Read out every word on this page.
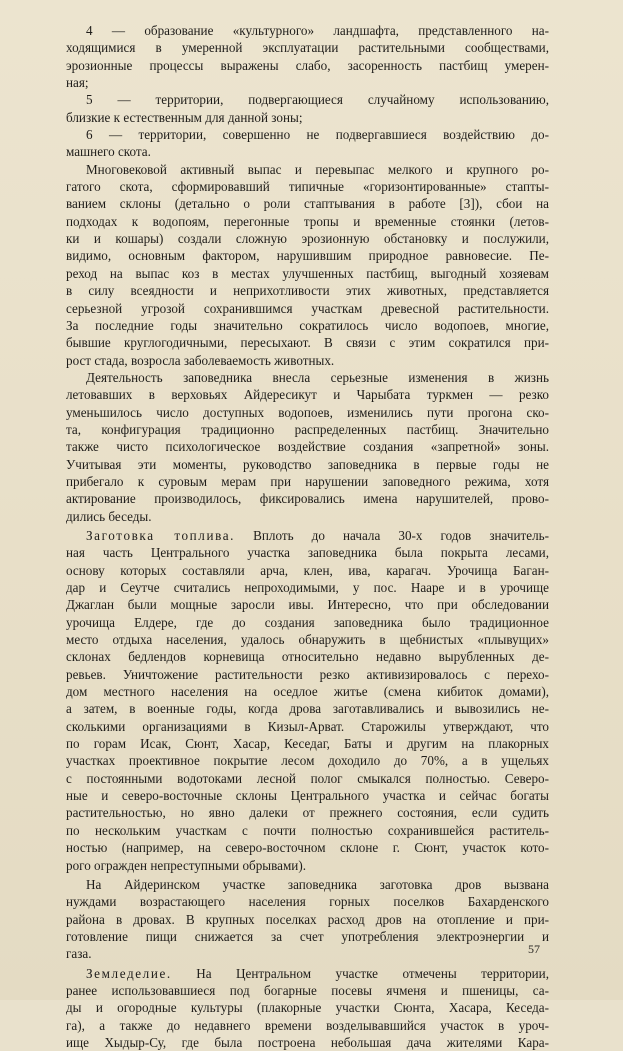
4 — образование «культурного» ландшафта, представленного на-
ходящимися в умеренной эксплуатации растительными сообществами,
эрозионные процессы выражены слабо, засоренность пастбищ умерен-
ная;
5 — территории, подвергающиеся случайному использованию,
близкие к естественным для данной зоны;
6 — территории, совершенно не подвергавшиеся воздействию до-
машнего скота.
Многовековой активный выпас и перевыпас мелкого и крупного ро-
гатого скота, сформировавший типичные «горизонтированные» стапты-
ванием склоны (детально о роли стаптывания в работе [3]), сбои на
подходах к водопоям, перегонные тропы и временные стоянки (летов-
ки и кошары) создали сложную эрозионную обстановку и послужили,
видимо, основным фактором, нарушившим природное равновесие. Пе-
реход на выпас коз в местах улучшенных пастбищ, выгодный хозяевам
в силу всеядности и неприхотливости этих животных, представляется
серьезной угрозой сохранившимся участкам древесной растительности.
За последние годы значительно сократилось число водопоев, многие,
бывшие круглогодичными, пересыхают. В связи с этим сократился при-
рост стада, возросла заболеваемость животных.
Деятельность заповедника внесла серьезные изменения в жизнь
летовавших в верховьях Айдересикут и Чарыбата туркмен — резко
уменьшилось число доступных водопоев, изменились пути прогона ско-
та, конфигурация традиционно распределенных пастбищ. Значительно
также чисто психологическое воздействие создания «запретной» зоны.
Учитывая эти моменты, руководство заповедника в первые годы не
прибегало к суровым мерам при нарушении заповедного режима, хотя
актирование производилось, фиксировались имена нарушителей, прово-
дились беседы.
Заготовка топлива. Вплоть до начала 30-х годов значитель-
ная часть Центрального участка заповедника была покрыта лесами,
основу которых составляли арча, клен, ива, карагач. Урочища Баган-
дар и Сеутче считались непроходимыми, у пос. Нааре и в урочище
Джаглан были мощные заросли ивы. Интересно, что при обследовании
урочища Елдере, где до создания заповедника было традиционное
место отдыха населения, удалось обнаружить в щебнистых «плывущих»
склонах бедлендов корневища относительно недавно вырубленных де-
ревьев. Уничтожение растительности резко активизировалось с перехо-
дом местного населения на оседлое житье (смена кибиток домами),
а затем, в военные годы, когда дрова заготавливались и вывозились не-
сколькими организациями в Кизыл-Арват. Старожилы утверждают, что
по горам Исак, Сюнт, Хасар, Кеседаг, Баты и другим на плакорных
участках проективное покрытие лесом доходило до 70%, а в ущельях
с постоянными водотоками лесной полог смыкался полностью. Северо-
ные и северо-восточные склоны Центрального участка и сейчас богаты
растительностью, но явно далеки от прежнего состояния, если судить
по нескольким участкам с почти полностью сохранившейся раститель-
ностью (например, на северо-восточном склоне г. Сюнт, участок кото-
рого огражден непреступными обрывами).
На Айдеринском участке заповедника заготовка дров вызвана
нуждами возрастающего населения горных поселков Бахарденского
района в дровах. В крупных поселках расход дров на отопление и при-
готовление пищи снижается за счет употребления электроэнергии и
газа.
Земледелие. На Центральном участке отмечены территории,
ранее использовавшиеся под богарные посевы ячменя и пшеницы, са-
ды и огородные культуры (плакорные участки Сюнта, Хасара, Кеседа-
га), а также до недавнего времени возделывавшийся участок в уроч-
ище Хыдыр-Су, где была построена небольшая дача жителями Кара-
57
